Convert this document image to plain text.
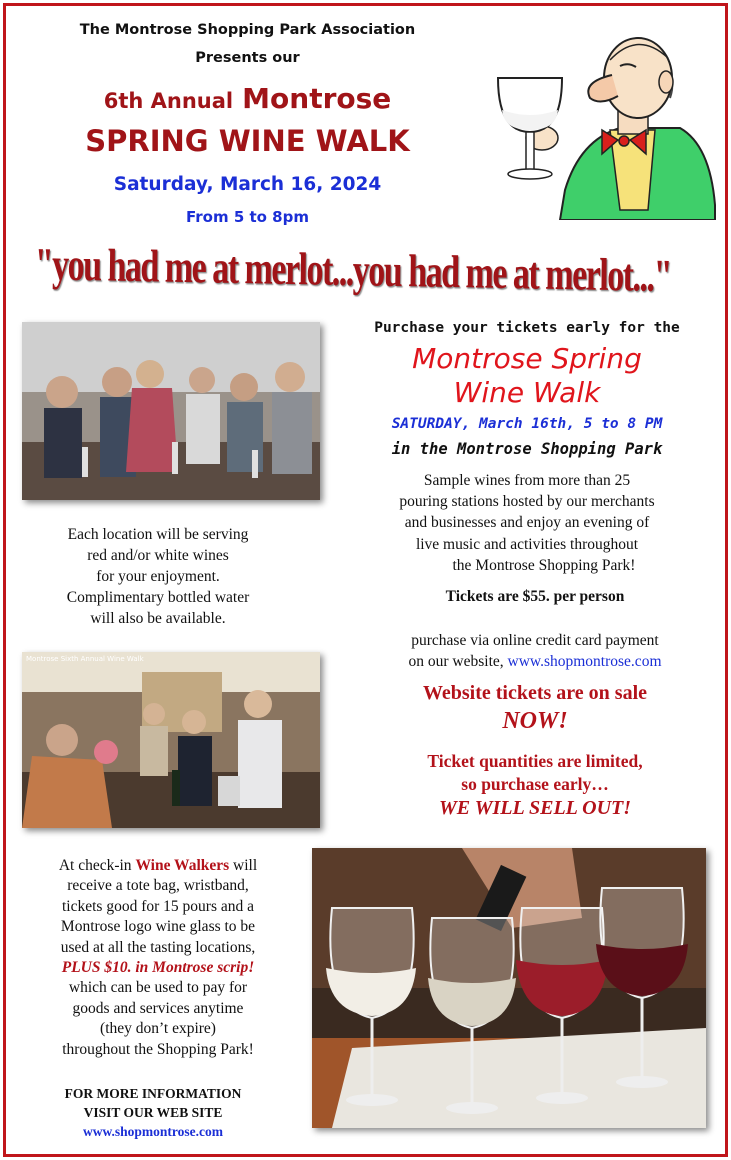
The Montrose Shopping Park Association
Presents our
6th Annual Montrose
SPRING WINE WALK
Saturday, March 16, 2024
From 5 to 8pm
"you had me at merlot...you had me at merlot..."
Each location will be serving
red and/or white wines
for your enjoyment.
Complimentary bottled water
will also be available.
Montrose Sixth Annual Wine Walk
At check-in Wine Walkers will
receive a tote bag, wristband,
tickets good for 15 pours and a
Montrose logo wine glass to be
used at all the tasting locations,
PLUS $10. in Montrose scrip!
which can be used to pay for
goods and services anytime
(they don’t expire)
throughout the Shopping Park!
FOR MORE INFORMATION
VISIT OUR WEB SITE
www.shopmontrose.com
Purchase your tickets early for the
Montrose Spring
Wine Walk
SATURDAY, March 16th, 5 to 8 PM
in the Montrose Shopping Park
Sample wines from more than 25
pouring stations hosted by our merchants
and businesses and enjoy an evening of
live music and activities throughout
the Montrose Shopping Park!
Tickets are $55. per person
purchase via online credit card payment
on our website, www.shopmontrose.com
Website tickets are on sale
NOW!
Ticket quantities are limited,
so purchase early…
WE WILL SELL OUT!
